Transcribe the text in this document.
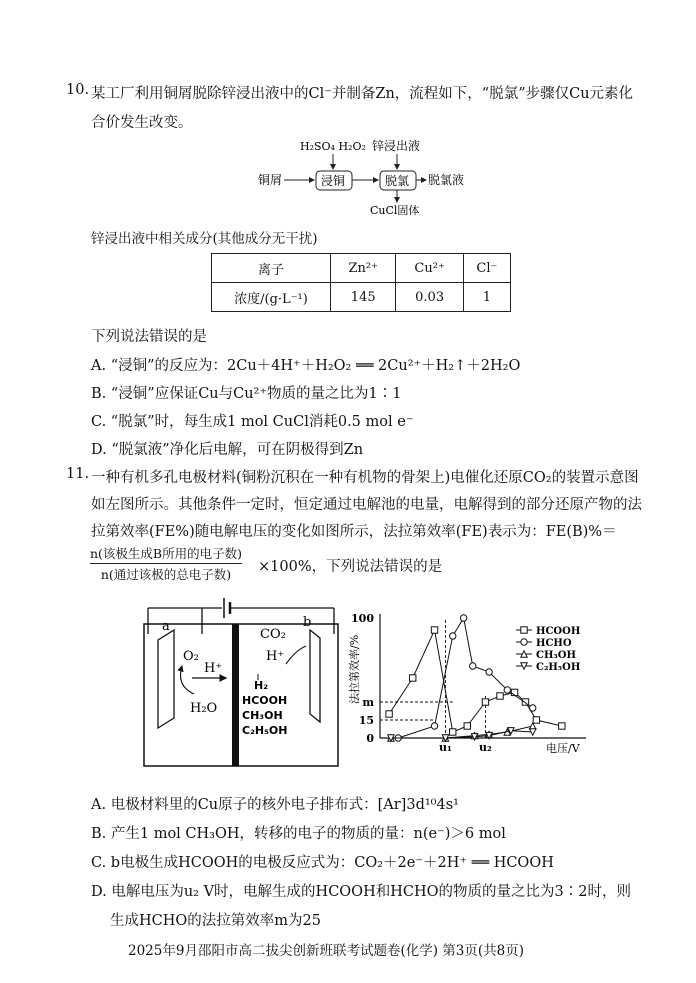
10. 某工厂利用铜屑脱除锌浸出液中的Cl⁻并制备Zn，流程如下，“脱氯”步骤仅Cu元素化
合价发生改变。
H₂SO₄ H₂O₂ 锌浸出液
铜屑	浸铜	脱氯 脱氯液
CuCl固体
锌浸出液中相关成分(其他成分无干扰)
离子	Zn²⁺	Cu²⁺	Cl⁻
浓度/(g·L⁻¹)	145	0.03	1
下列说法错误的是
A. “浸铜”的反应为：2Cu＋4H⁺＋H₂O₂ ══ 2Cu²⁺＋H₂↑＋2H₂O
B. “浸铜”应保证Cu与Cu²⁺物质的量之比为1∶1
C. “脱氯”时，每生成1 mol CuCl消耗0.5 mol e⁻
D. “脱氯液”净化后电解，可在阴极得到Zn
11. 一种有机多孔电极材料(铜粉沉积在一种有机物的骨架上)电催化还原CO₂的装置示意图
如左图所示。其他条件一定时，恒定通过电解池的电量，电解得到的部分还原产物的法
拉第效率(FE%)随电解电压的变化如图所示，法拉第效率(FE)表示为：FE(B)%＝
n(该极生成B所用的电子数)
n(通过该极的总电子数)	×100%，下列说法错误的是
a	b
O₂
H⁺
H₂O
CO₂
H⁺
H₂
HCOOH
CH₃OH
C₂H₅OH
法拉第效率/%
电压/V
100
m
15
0
u₁ u₂
HCOOH
HCHO
CH₃OH
C₂H₅OH
A. 电极材料里的Cu原子的核外电子排布式：[Ar]3d¹⁰4s¹
B. 产生1 mol CH₃OH，转移的电子的物质的量：n(e⁻)＞6 mol
C. b电极生成HCOOH的电极反应式为：CO₂＋2e⁻＋2H⁺ ══ HCOOH
D. 电解电压为u₂ V时，电解生成的HCOOH和HCHO的物质的量之比为3∶2时，则
生成HCHO的法拉第效率m为25
2025年9月邵阳市高二拔尖创新班联考试题卷(化学) 第3页(共8页)
